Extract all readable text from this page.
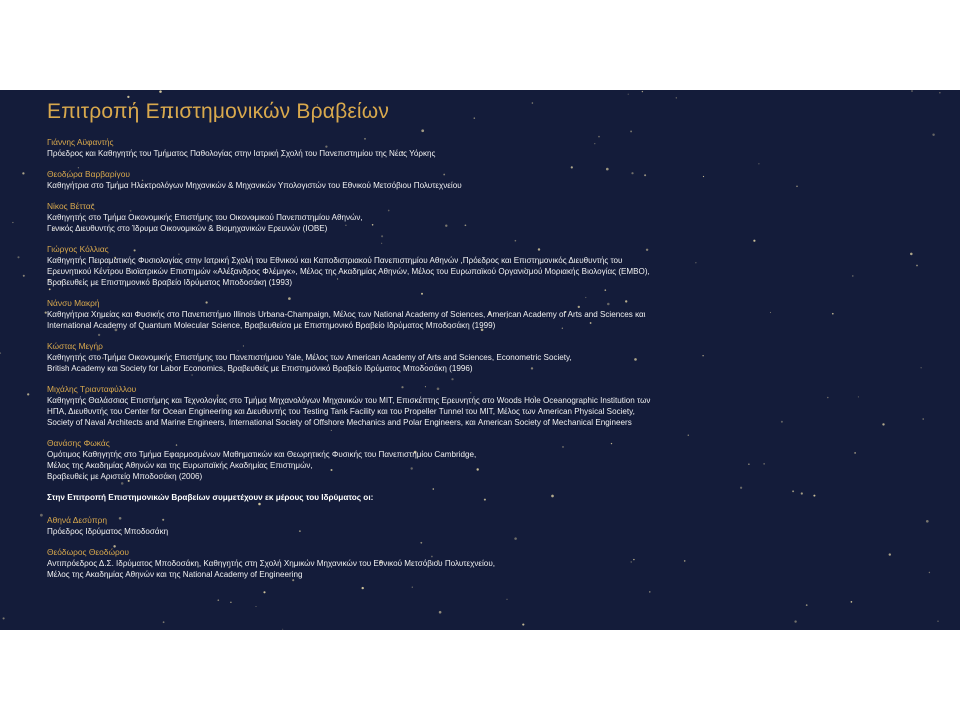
Επιτροπή Επιστημονικών Βραβείων
Γιάννης Αϋφαντής
Πρόεδρος και Καθηγητής του Τμήματος Παθολογίας στην Ιατρική Σχολή του Πανεπιστημίου της Νέας Υόρκης
Θεοδώρα Βαρβαρίγου
Καθηγήτρια στο Τμήμα Ηλεκτρολόγων Μηχανικών & Μηχανικών Υπολογιστών του Εθνικού Μετσόβιου Πολυτεχνείου
Νίκος Βέττας
Καθηγητής στο Τμήμα Οικονομικής Επιστήμης του Οικονομικού Πανεπιστημίου Αθηνών,
Γενικός Διευθυντής στο Ίδρυμα Οικονομικών & Βιομηχανικών Ερευνών (ΙΟΒΕ)
Γιώργος Κόλλιας
Καθηγητής Πειραματικής Φυσιολογίας στην Ιατρική Σχολή του Εθνικού και Καποδιστριακού Πανεπιστημίου Αθηνών ,Πρόεδρος και Επιστημονικός Διευθυντής του
Ερευνητικού Κέντρου Βιοϊατρικών Επιστημών «Αλέξανδρος Φλέμιγκ», Μέλος της Ακαδημίας Αθηνών, Μέλος του Ευρωπαϊκού Οργανισμού Μοριακής Βιολογίας (EMBO),
Βραβευθείς με Επιστημονικό Βραβείο Ιδρύματος Μποδοσάκη (1993)
Νάνσυ Μακρή
Καθηγήτρια Χημείας και Φυσικής στο Πανεπιστήμιο Illinois Urbana-Champaign, Μέλος των National Academy of Sciences, American Academy of Arts and Sciences και
International Academy of Quantum Molecular Science, Βραβευθείσα με Επιστημονικό Βραβείο Ιδρύματος Μποδοσάκη (1999)
Κώστας Μεγήρ
Καθηγητής στο Τμήμα Οικονομικής Επιστήμης του Πανεπιστήμιου Yale, Μέλος των American Academy of Arts and Sciences, Econometric Society,
British Academy και Society for Labor Economics, Βραβευθείς με Επιστημονικό Βραβείο Ιδρύματος Μποδοσάκη (1996)
Μιχάλης Τριανταφύλλου
Καθηγητής Θαλάσσιας Επιστήμης και Τεχνολογίας στο Τμήμα Μηχανολόγων Μηχανικών του MIT, Επισκέπτης Ερευνητής στο Woods Hole Oceanographic Institution των
ΗΠΑ, Διευθυντής του Center for Ocean Engineering και Διευθυντής του Testing Tank Facility και του Propeller Tunnel του MIT, Μέλος των American Physical Society,
Society of Naval Architects and Marine Engineers, International Society of Offshore Mechanics and Polar Engineers, και American Society of Mechanical Engineers
Θανάσης Φωκάς
Ομότιμος Καθηγητής στο Τμήμα Εφαρμοσμένων Μαθηματικών και Θεωρητικής Φυσικής του Πανεπιστημίου Cambridge,
Μέλος της Ακαδημίας Αθηνών και της Ευρωπαϊκής Ακαδημίας Επιστημών,
Βραβευθείς με Αριστείο Μποδοσάκη (2006)
Στην Επιτροπή Επιστημονικών Βραβείων συμμετέχουν εκ μέρους του Ιδρύματος οι:
Αθηνά Δεσύπρη
Πρόεδρος Ιδρύματος Μποδοσάκη
Θεόδωρος Θεοδώρου
Αντιπρόεδρος Δ.Σ. Ιδρύματος Μποδοσάκη, Καθηγητής στη Σχολή Χημικών Μηχανικών του Εθνικού Μετσόβιου Πολυτεχνείου,
Μέλος της Ακαδημίας Αθηνών και της National Academy of Engineering
